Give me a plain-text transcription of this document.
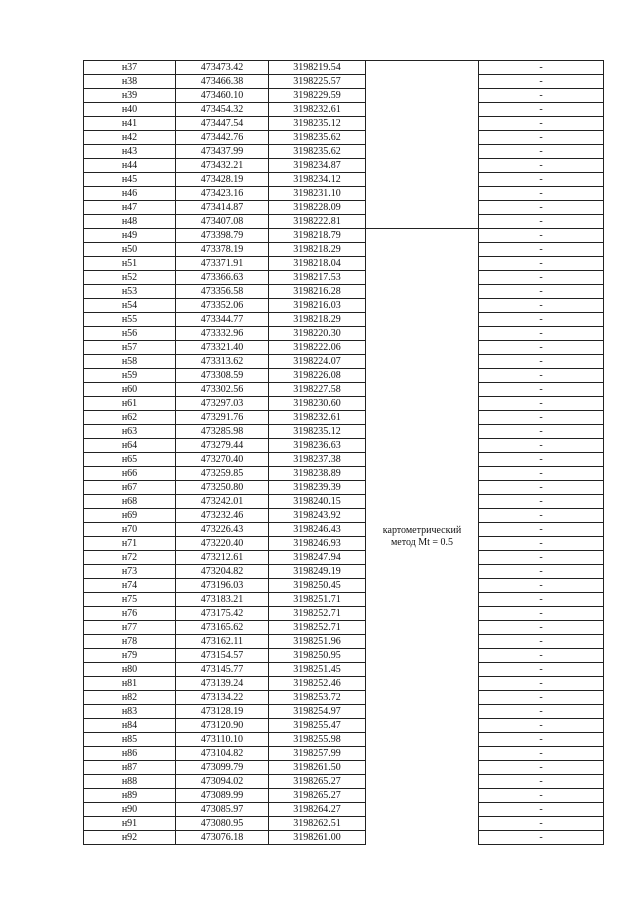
н37	473473.42	3198219.54		-
н38	473466.38	3198225.57		-
н39	473460.10	3198229.59		-
н40	473454.32	3198232.61		-
н41	473447.54	3198235.12		-
н42	473442.76	3198235.62		-
н43	473437.99	3198235.62		-
н44	473432.21	3198234.87		-
н45	473428.19	3198234.12		-
н46	473423.16	3198231.10		-
н47	473414.87	3198228.09		-
н48	473407.08	3198222.81		-
н49	473398.79	3198218.79	картометрический
метод Mt = 0.5	-
н50	473378.19	3198218.29		-
н51	473371.91	3198218.04		-
н52	473366.63	3198217.53		-
н53	473356.58	3198216.28		-
н54	473352.06	3198216.03		-
н55	473344.77	3198218.29		-
н56	473332.96	3198220.30		-
н57	473321.40	3198222.06		-
н58	473313.62	3198224.07		-
н59	473308.59	3198226.08		-
н60	473302.56	3198227.58		-
н61	473297.03	3198230.60		-
н62	473291.76	3198232.61		-
н63	473285.98	3198235.12		-
н64	473279.44	3198236.63		-
н65	473270.40	3198237.38		-
н66	473259.85	3198238.89		-
н67	473250.80	3198239.39		-
н68	473242.01	3198240.15		-
н69	473232.46	3198243.92		-
н70	473226.43	3198246.43		-
н71	473220.40	3198246.93		-
н72	473212.61	3198247.94		-
н73	473204.82	3198249.19		-
н74	473196.03	3198250.45		-
н75	473183.21	3198251.71		-
н76	473175.42	3198252.71		-
н77	473165.62	3198252.71		-
н78	473162.11	3198251.96		-
н79	473154.57	3198250.95		-
н80	473145.77	3198251.45		-
н81	473139.24	3198252.46		-
н82	473134.22	3198253.72		-
н83	473128.19	3198254.97		-
н84	473120.90	3198255.47		-
н85	473110.10	3198255.98		-
н86	473104.82	3198257.99		-
н87	473099.79	3198261.50		-
н88	473094.02	3198265.27		-
н89	473089.99	3198265.27		-
н90	473085.97	3198264.27		-
н91	473080.95	3198262.51		-
н92	473076.18	3198261.00		-
